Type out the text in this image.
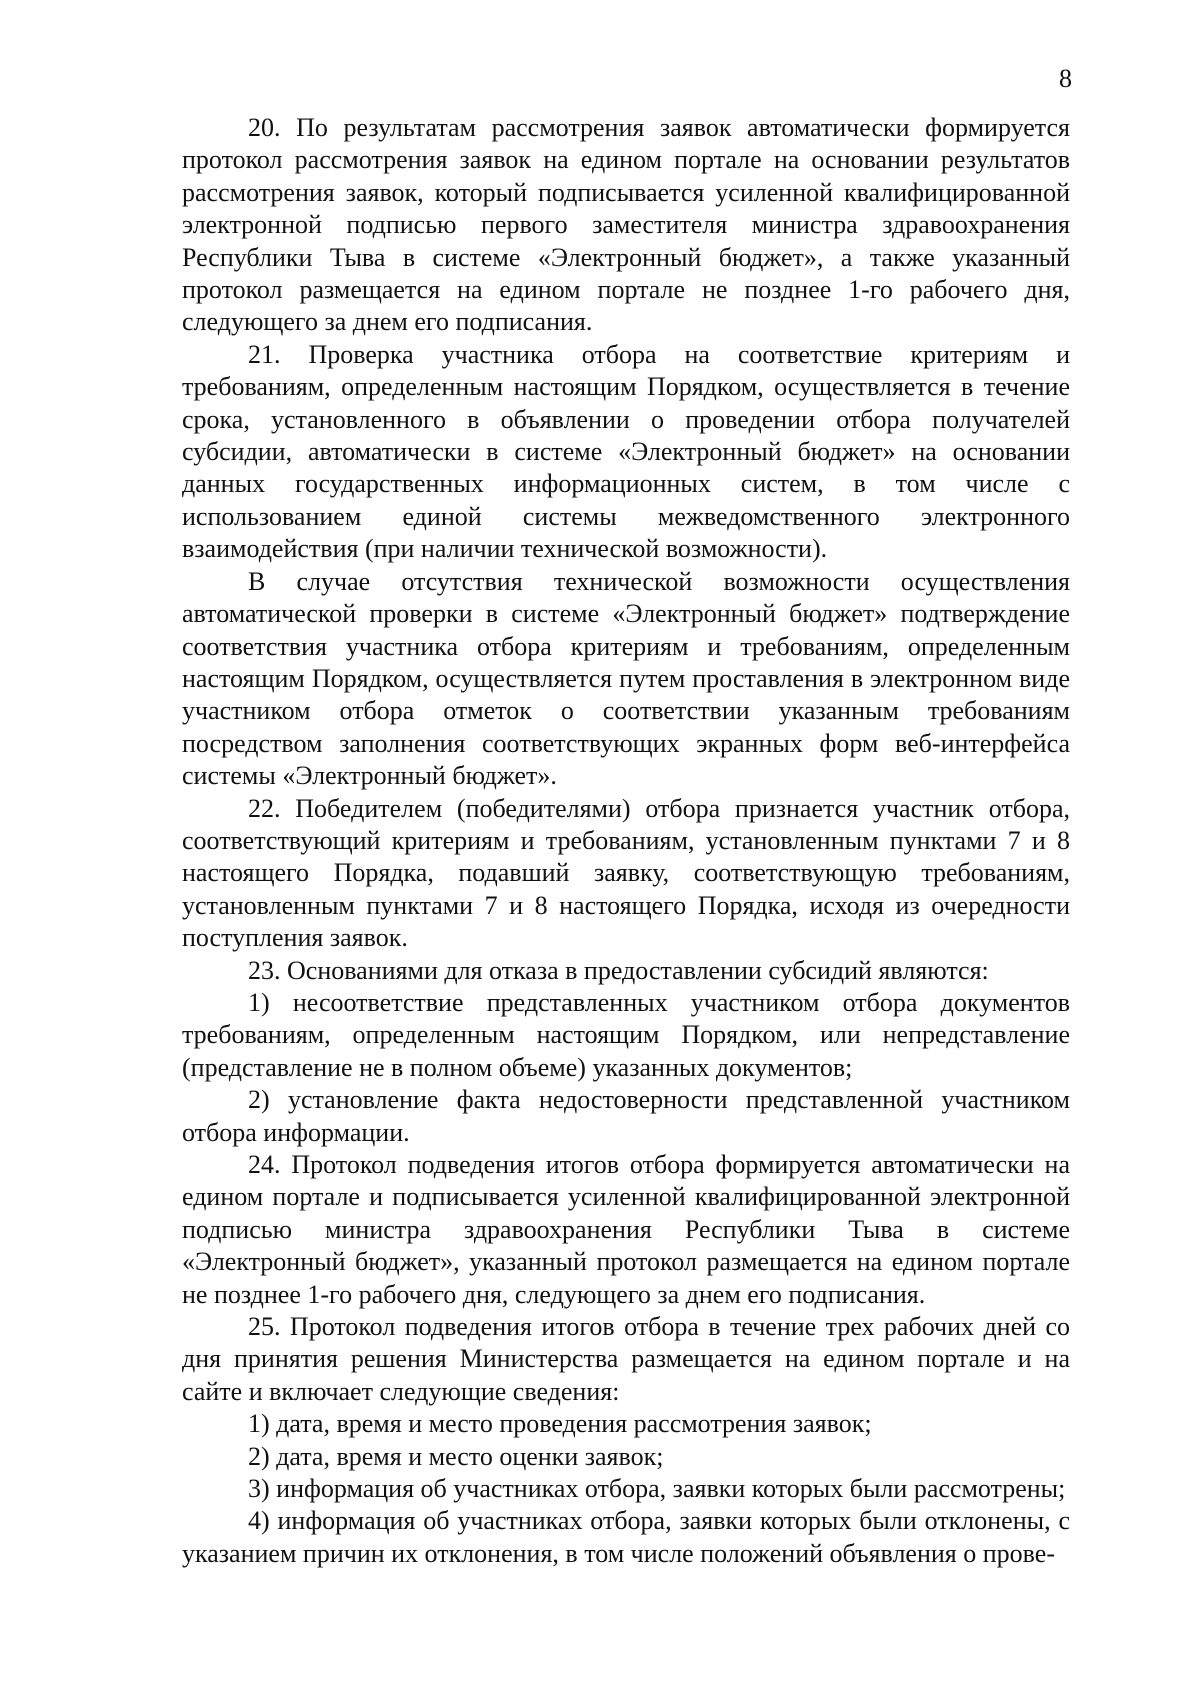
8

20. По результатам рассмотрения заявок автоматически формируется протокол рассмотрения заявок на едином портале на основании результатов рассмотрения заявок, который подписывается усиленной квалифицированной электронной подписью первого заместителя министра здравоохранения Республики Тыва в системе «Электронный бюджет», а также указанный протокол размещается на едином портале не позднее 1-го рабочего дня, следующего за днем его подписания.

21. Проверка участника отбора на соответствие критериям и требованиям, определенным настоящим Порядком, осуществляется в течение срока, установленного в объявлении о проведении отбора получателей субсидии, автоматически в системе «Электронный бюджет» на основании данных государственных информационных систем, в том числе с использованием единой системы межведомственного электронного взаимодействия (при наличии технической возможности).

В случае отсутствия технической возможности осуществления автоматической проверки в системе «Электронный бюджет» подтверждение соответствия участника отбора критериям и требованиям, определенным настоящим Порядком, осуществляется путем проставления в электронном виде участником отбора отметок о соответствии указанным требованиям посредством заполнения соответствующих экранных форм веб-интерфейса системы «Электронный бюджет».

22. Победителем (победителями) отбора признается участник отбора, соответствующий критериям и требованиям, установленным пунктами 7 и 8 настоящего Порядка, подавший заявку, соответствующую требованиям, установленным пунктами 7 и 8 настоящего Порядка, исходя из очередности поступления заявок.

23. Основаниями для отказа в предоставлении субсидий являются:

1) несоответствие представленных участником отбора документов требованиям, определенным настоящим Порядком, или непредставление (представление не в полном объеме) указанных документов;

2) установление факта недостоверности представленной участником отбора информации.

24. Протокол подведения итогов отбора формируется автоматически на едином портале и подписывается усиленной квалифицированной электронной подписью министра здравоохранения Республики Тыва в системе «Электронный бюджет», указанный протокол размещается на едином портале не позднее 1-го рабочего дня, следующего за днем его подписания.

25. Протокол подведения итогов отбора в течение трех рабочих дней со дня принятия решения Министерства размещается на едином портале и на сайте и включает следующие сведения:

1) дата, время и место проведения рассмотрения заявок;

2) дата, время и место оценки заявок;

3) информация об участниках отбора, заявки которых были рассмотрены;

4) информация об участниках отбора, заявки которых были отклонены, с указанием причин их отклонения, в том числе положений объявления о прове-
